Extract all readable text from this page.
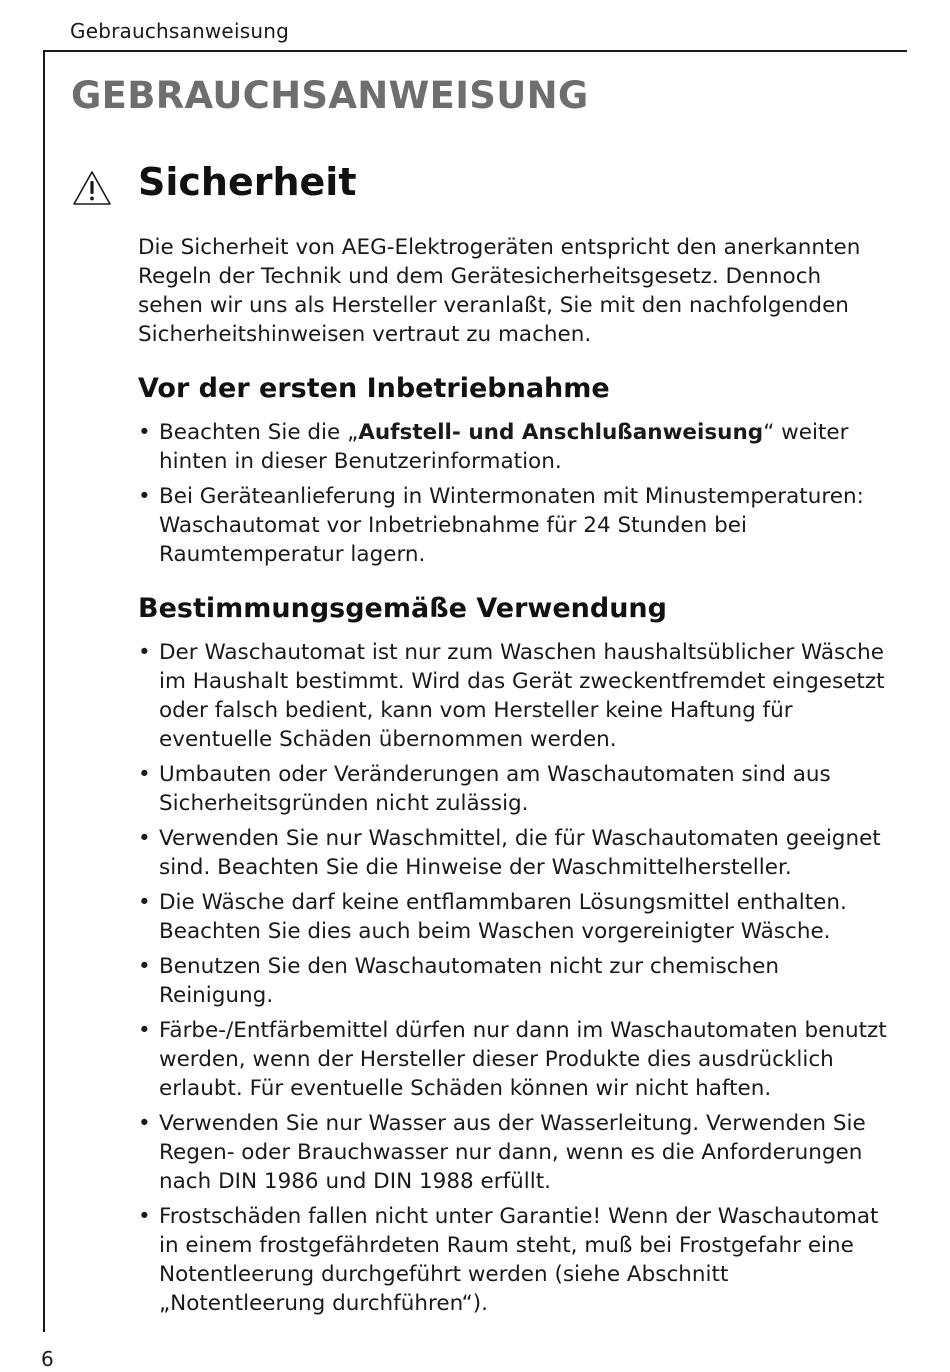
Gebrauchsanweisung
GEBRAUCHSANWEISUNG
Sicherheit

Die Sicherheit von AEG-Elektrogeräten entspricht den anerkannten Regeln der Technik und dem Gerätesicherheitsgesetz. Dennoch sehen wir uns als Hersteller veranlaßt, Sie mit den nachfolgenden Sicherheitshinweisen vertraut zu machen.

Vor der ersten Inbetriebnahme
• Beachten Sie die „Aufstell- und Anschlußanweisung“ weiter hinten in dieser Benutzerinformation.
• Bei Geräteanlieferung in Wintermonaten mit Minustemperaturen: Waschautomat vor Inbetriebnahme für 24 Stunden bei Raumtemperatur lagern.
Bestimmungsgemäße Verwendung
• Der Waschautomat ist nur zum Waschen haushaltsüblicher Wäsche im Haushalt bestimmt. Wird das Gerät zweckentfremdet eingesetzt oder falsch bedient, kann vom Hersteller keine Haftung für eventuelle Schäden übernommen werden.
• Umbauten oder Veränderungen am Waschautomaten sind aus Sicherheitsgründen nicht zulässig.
• Verwenden Sie nur Waschmittel, die für Waschautomaten geeignet sind. Beachten Sie die Hinweise der Waschmittelhersteller.
• Die Wäsche darf keine entflammbaren Lösungsmittel enthalten. Beachten Sie dies auch beim Waschen vorgereinigter Wäsche.
• Benutzen Sie den Waschautomaten nicht zur chemischen Reinigung.
• Färbe-/Entfärbemittel dürfen nur dann im Waschautomaten benutzt werden, wenn der Hersteller dieser Produkte dies ausdrücklich erlaubt. Für eventuelle Schäden können wir nicht haften.
• Verwenden Sie nur Wasser aus der Wasserleitung. Verwenden Sie Regen- oder Brauchwasser nur dann, wenn es die Anforderungen nach DIN 1986 und DIN 1988 erfüllt.
• Frostschäden fallen nicht unter Garantie! Wenn der Waschautomat in einem frostgefährdeten Raum steht, muß bei Frostgefahr eine Notentleerung durchgeführt werden (siehe Abschnitt „Notentleerung durchführen“).
6
